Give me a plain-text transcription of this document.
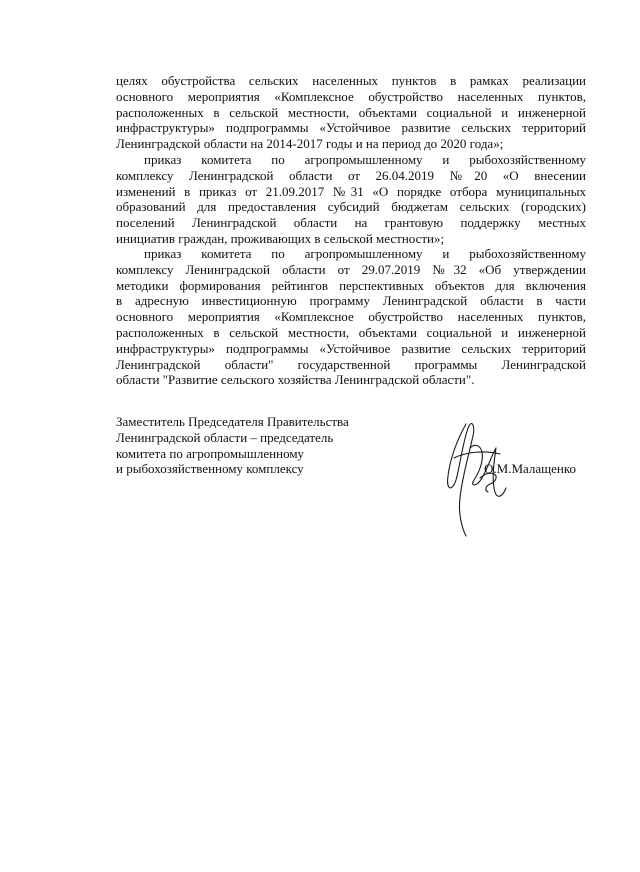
целях обустройства сельских населенных пунктов в рамках реализации
основного мероприятия «Комплексное обустройство населенных пунктов,
расположенных в сельской местности, объектами социальной и инженерной
инфраструктуры» подпрограммы «Устойчивое развитие сельских территорий
Ленинградской области на 2014-2017 годы и на период до 2020 года»;
приказ комитета по агропромышленному и рыбохозяйственному
комплексу Ленинградской области от 26.04.2019 №20 «О внесении
изменений в приказ от 21.09.2017 №31 «О порядке отбора муниципальных
образований для предоставления субсидий бюджетам сельских (городских)
поселений Ленинградской области на грантовую поддержку местных
инициатив граждан, проживающих в сельской местности»;
приказ комитета по агропромышленному и рыбохозяйственному
комплексу Ленинградской области от 29.07.2019 №32 «Об утверждении
методики формирования рейтингов перспективных объектов для включения
в адресную инвестиционную программу Ленинградской области в части
основного мероприятия «Комплексное обустройство населенных пунктов,
расположенных в сельской местности, объектами социальной и инженерной
инфраструктуры» подпрограммы «Устойчивое развитие сельских территорий
Ленинградской области" государственной программы Ленинградской
области "Развитие сельского хозяйства Ленинградской области".
Заместитель Председателя Правительства
Ленинградской области – председатель
комитета по агропромышленному
и рыбохозяйственному комплексу	О.М.Малащенко
